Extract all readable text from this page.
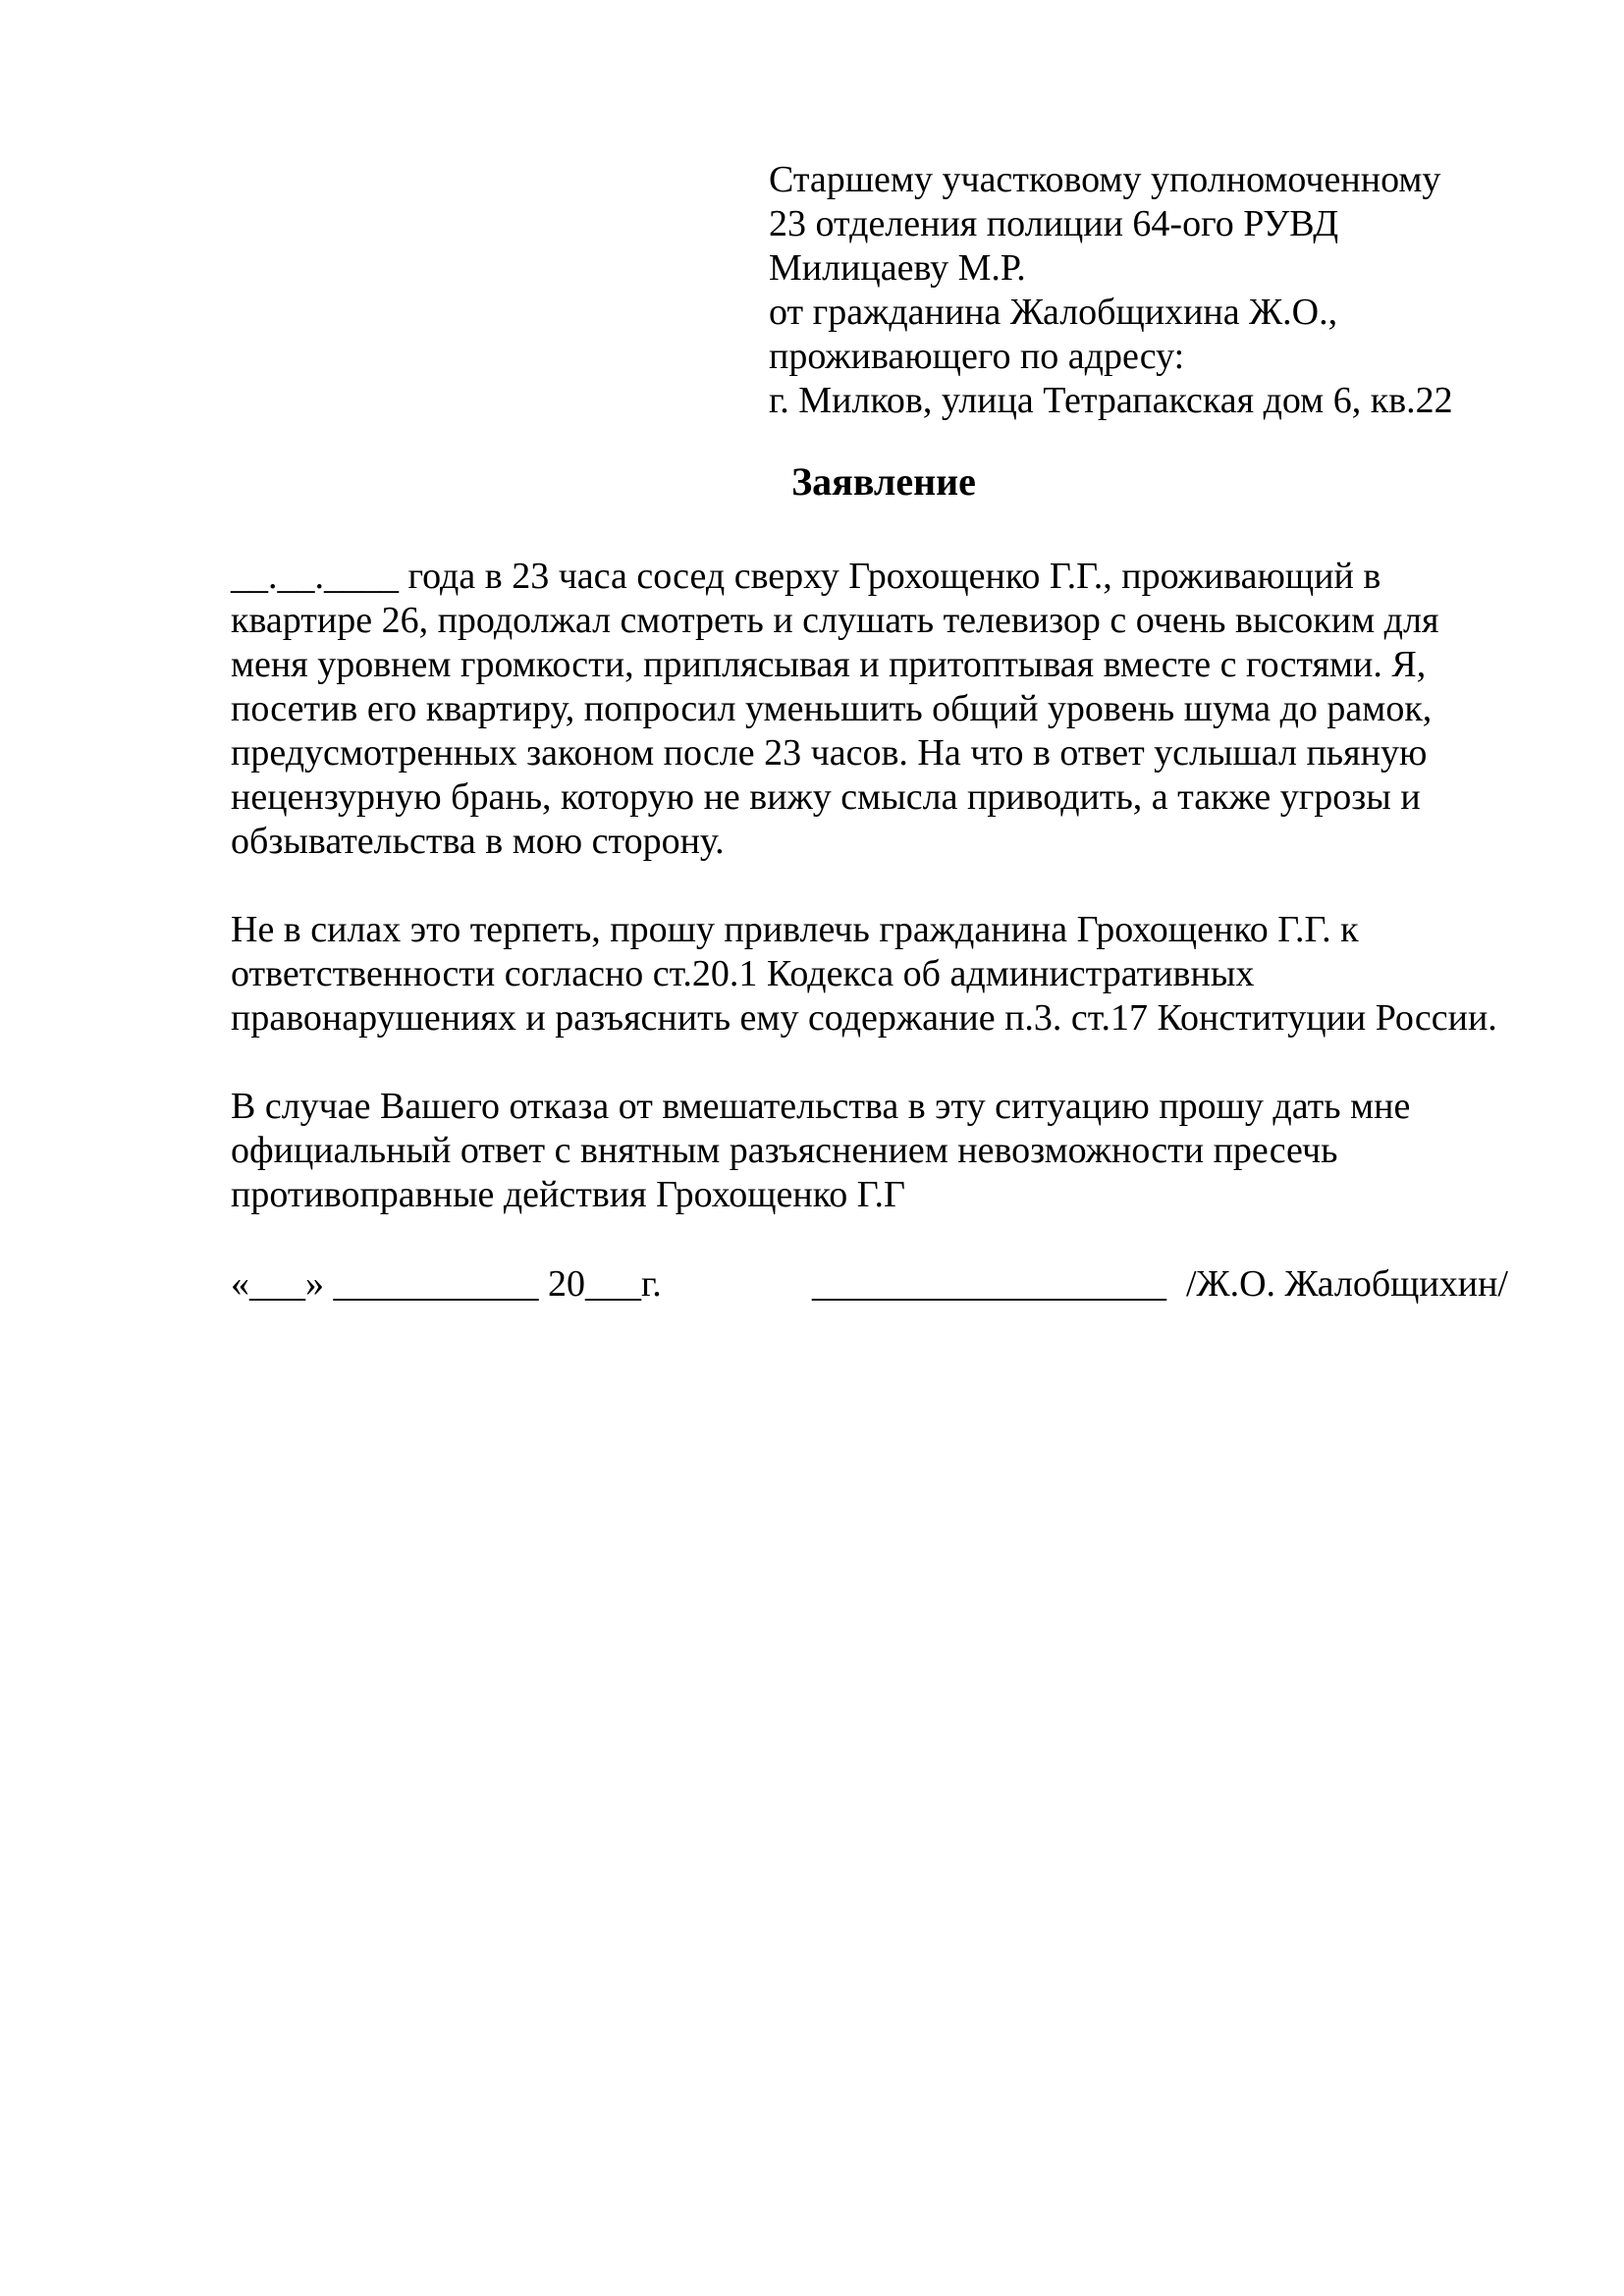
Старшему участковому уполномоченному
23 отделения полиции 64-ого РУВД
Милицаеву М.Р.
от гражданина Жалобщихина Ж.О.,
проживающего по адресу:
г. Милков, улица Тетрапакская дом 6, кв.22
Заявление
__.__.____ года в 23 часа сосед сверху Грохощенко Г.Г., проживающий в
квартире 26, продолжал смотреть и слушать телевизор с очень высоким для
меня уровнем громкости, приплясывая и притоптывая вместе с гостями. Я,
посетив его квартиру, попросил уменьшить общий уровень шума до рамок,
предусмотренных законом после 23 часов. На что в ответ услышал пьяную
нецензурную брань, которую не вижу смысла приводить, а также угрозы и
обзывательства в мою сторону.
Не в силах это терпеть, прошу привлечь гражданина Грохощенко Г.Г. к
ответственности согласно ст.20.1 Кодекса об административных
правонарушениях и разъяснить ему содержание п.3. ст.17 Конституции России.
В случае Вашего отказа от вмешательства в эту ситуацию прошу дать мне
официальный ответ с внятным разъяснением невозможности пресечь
противоправные действия Грохощенко Г.Г
«___» ___________ 20___г.	___________________ /Ж.О. Жалобщихин/
